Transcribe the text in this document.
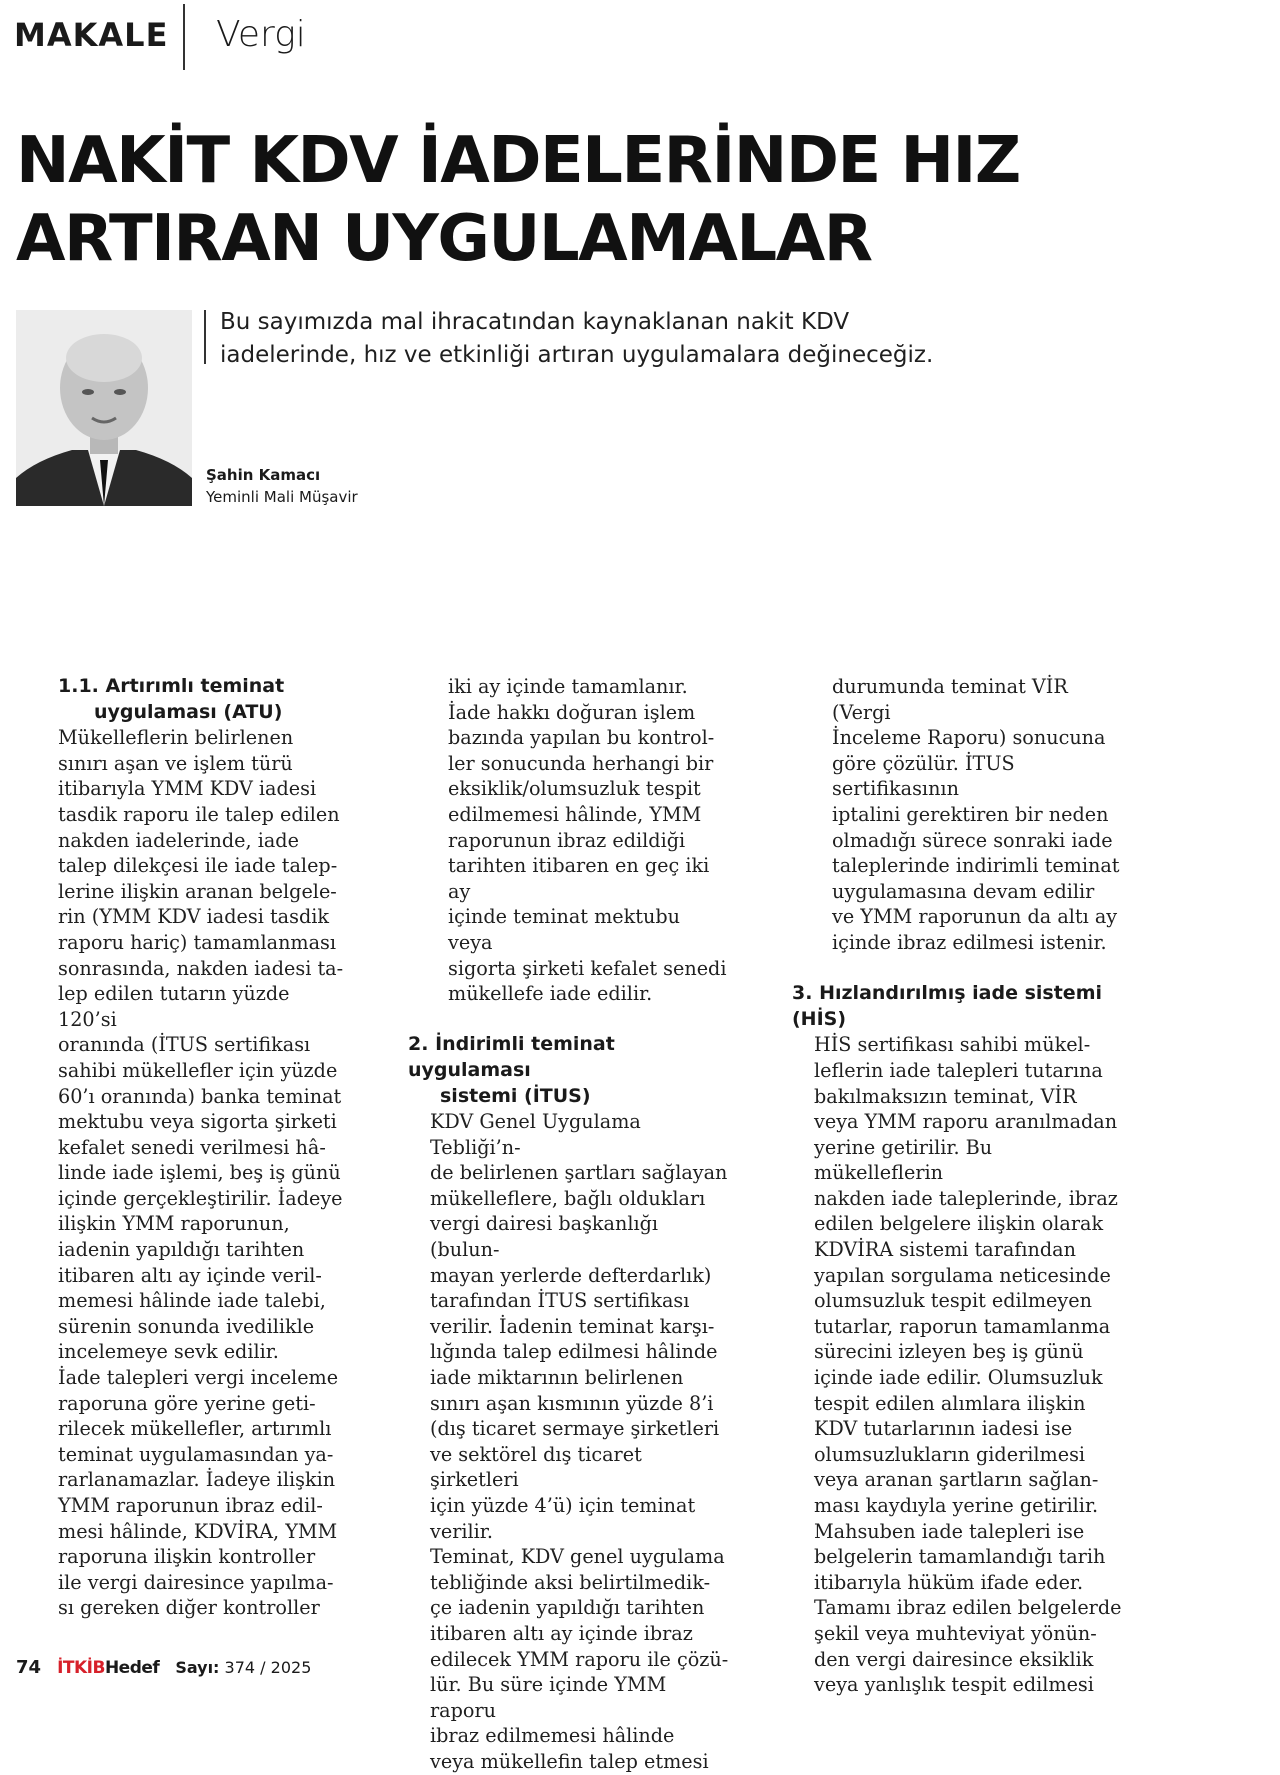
MAKALE Vergi
NAKİT KDV İADELERİNDE HIZ
ARTIRAN UYGULAMALAR

Bu sayımızda mal ihracatından kaynaklanan nakit KDV iadelerinde, hız ve etkinliği artıran uygulamalara değineceğiz.

Şahin Kamacı
Yeminli Mali Müşavir
1.1. Artırımlı teminat
uygulaması (ATU)

Mükelleflerin belirlenen

sınırı aşan ve işlem türü

itibarıyla YMM KDV iadesi

tasdik raporu ile talep edilen

nakden iadelerinde, iade

talep dilekçesi ile iade talep-

lerine ilişkin aranan belgele-

rin (YMM KDV iadesi tasdik

raporu hariç) tamamlanması

sonrasında, nakden iadesi ta-

lep edilen tutarın yüzde 120’si

oranında (İTUS sertifikası

sahibi mükellefler için yüzde

60’ı oranında) banka teminat

mektubu veya sigorta şirketi

kefalet senedi verilmesi hâ-

linde iade işlemi, beş iş günü

içinde gerçekleştirilir. İadeye

ilişkin YMM raporunun,

iadenin yapıldığı tarihten

itibaren altı ay içinde veril-

memesi hâlinde iade talebi,

sürenin sonunda ivedilikle

incelemeye sevk edilir.

İade talepleri vergi inceleme

raporuna göre yerine geti-

rilecek mükellefler, artırımlı

teminat uygulamasından ya-

rarlanamazlar. İadeye ilişkin

YMM raporunun ibraz edil-

mesi hâlinde, KDVİRA, YMM

raporuna ilişkin kontroller

ile vergi dairesince yapılma-

sı gereken diğer kontroller

iki ay içinde tamamlanır.

İade hakkı doğuran işlem

bazında yapılan bu kontrol-

ler sonucunda herhangi bir

eksiklik/olumsuzluk tespit

edilmemesi hâlinde, YMM

raporunun ibraz edildiği

tarihten itibaren en geç iki ay

içinde teminat mektubu veya

sigorta şirketi kefalet senedi

mükellefe iade edilir.

2. İndirimli teminat uygulaması
sistemi (İTUS)

KDV Genel Uygulama Tebliği’n-

de belirlenen şartları sağlayan

mükelleflere, bağlı oldukları

vergi dairesi başkanlığı (bulun-

mayan yerlerde defterdarlık)

tarafından İTUS sertifikası

verilir. İadenin teminat karşı-

lığında talep edilmesi hâlinde

iade miktarının belirlenen

sınırı aşan kısmının yüzde 8’i

(dış ticaret sermaye şirketleri

ve sektörel dış ticaret şirketleri

için yüzde 4’ü) için teminat

verilir.

Teminat, KDV genel uygulama

tebliğinde aksi belirtilmedik-

çe iadenin yapıldığı tarihten

itibaren altı ay içinde ibraz

edilecek YMM raporu ile çözü-

lür. Bu süre içinde YMM raporu

ibraz edilmemesi hâlinde

veya mükellefin talep etmesi

durumunda teminat VİR (Vergi

İnceleme Raporu) sonucuna

göre çözülür. İTUS sertifikasının

iptalini gerektiren bir neden

olmadığı sürece sonraki iade

taleplerinde indirimli teminat

uygulamasına devam edilir

ve YMM raporunun da altı ay

içinde ibraz edilmesi istenir.

3. Hızlandırılmış iade sistemi (HİS)

HİS sertifikası sahibi mükel-

leflerin iade talepleri tutarına

bakılmaksızın teminat, VİR

veya YMM raporu aranılmadan

yerine getirilir. Bu mükelleflerin

nakden iade taleplerinde, ibraz

edilen belgelere ilişkin olarak

KDVİRA sistemi tarafından

yapılan sorgulama neticesinde

olumsuzluk tespit edilmeyen

tutarlar, raporun tamamlanma

sürecini izleyen beş iş günü

içinde iade edilir. Olumsuzluk

tespit edilen alımlara ilişkin

KDV tutarlarının iadesi ise

olumsuzlukların giderilmesi

veya aranan şartların sağlan-

ması kaydıyla yerine getirilir.

Mahsuben iade talepleri ise

belgelerin tamamlandığı tarih

itibarıyla hüküm ifade eder.

Tamamı ibraz edilen belgelerde

şekil veya muhteviyat yönün-

den vergi dairesince eksiklik

veya yanlışlık tespit edilmesi

74 İTKİBHedef Sayı: 374 / 2025
